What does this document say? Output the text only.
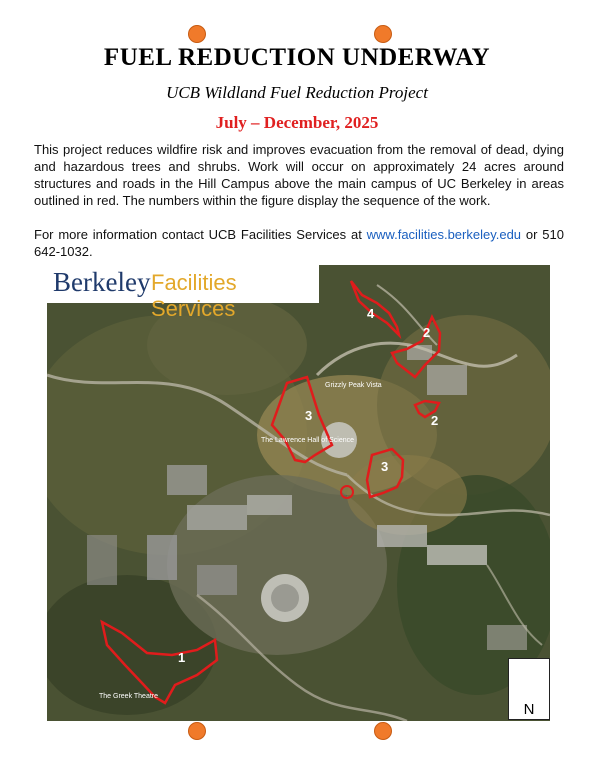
FUEL REDUCTION UNDERWAY
UCB Wildland Fuel Reduction Project
July – December, 2025

This project reduces wildfire risk and improves evacuation from the removal of dead, dying and hazardous trees and shrubs. Work will occur on approximately 24 acres around structures and roads in the Hill Campus above the main campus of UC Berkeley in areas outlined in red. The numbers within the figure display the sequence of the work.

For more information contact UCB Facilities Services at www.facilities.berkeley.edu or 510 642-1032.

4
2
2
3
3
1
The Lawrence Hall of Science
The Greek Theatre
Grizzly Peak Vista
Berkeley Facilities Services
N
